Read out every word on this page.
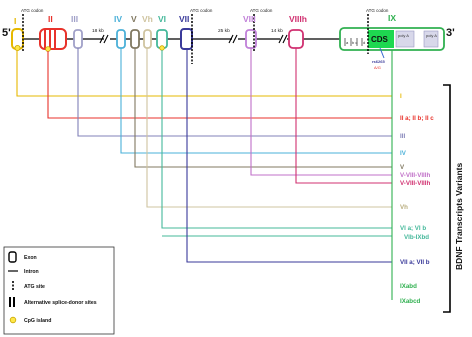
5'	3'
18 kb	25 kb	14 kb
ATG codon	ATG codon	ATG codon	ATG codon
I	II III	IV V Vh VI VII	VIII	VIIIh	IX
CDS	poly A	poly A
a b c d
rs6265
A/G
I
II a; II b; II c
III
IV
V
V-VIII-VIIIh
V-VIII-VIIIh
Vh
VI a; VI b
VIb-IXbd
VII a; VII b
IXabd
IXabcd
BDNF Transcripts Variants
Exon
Intron
ATG site
Alternative splice-donor sites
CpG island
